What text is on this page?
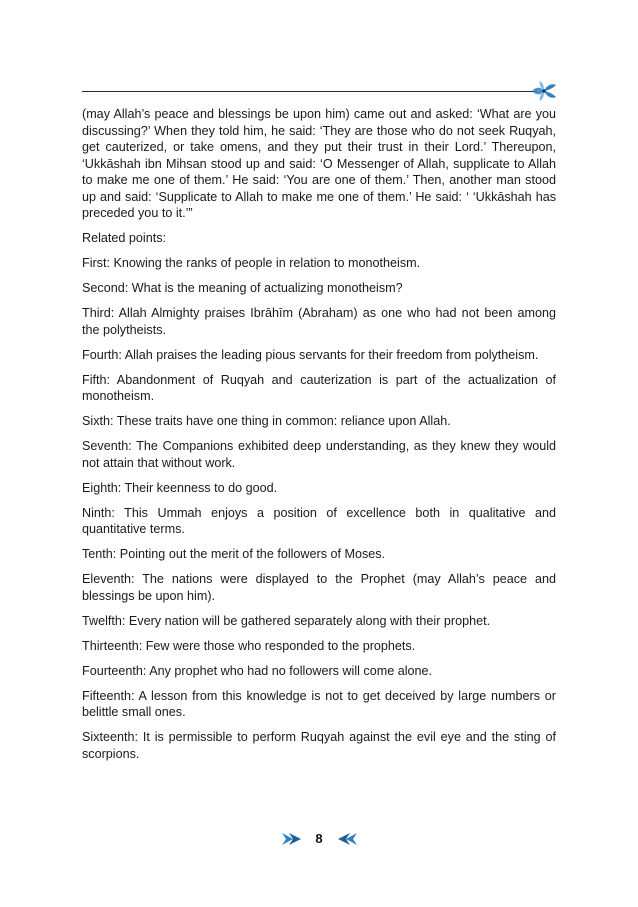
(may Allah’s peace and blessings be upon him) came out and asked: ‘What are you discussing?’ When they told him, he said: ‘They are those who do not seek Ruqyah, get cauterized, or take omens, and they put their trust in their Lord.’ Thereupon, ‘Ukkāshah ibn Mihsan stood up and said: ‘O Messenger of Allah, supplicate to Allah to make me one of them.’ He said: ‘You are one of them.’ Then, another man stood up and said: ‘Supplicate to Allah to make me one of them.’ He said: ‘ ‘Ukkāshah has preceded you to it.’”

Related points:

First: Knowing the ranks of people in relation to monotheism.

Second: What is the meaning of actualizing monotheism?

Third: Allah Almighty praises Ibrāhīm (Abraham) as one who had not been among the polytheists.

Fourth: Allah praises the leading pious servants for their freedom from polytheism.

Fifth: Abandonment of Ruqyah and cauterization is part of the actualization of monotheism.

Sixth: These traits have one thing in common: reliance upon Allah.

Seventh: The Companions exhibited deep understanding, as they knew they would not attain that without work.

Eighth: Their keenness to do good.

Ninth: This Ummah enjoys a position of excellence both in qualitative and quantitative terms.

Tenth: Pointing out the merit of the followers of Moses.

Eleventh: The nations were displayed to the Prophet (may Allah’s peace and blessings be upon him).

Twelfth: Every nation will be gathered separately along with their prophet.

Thirteenth: Few were those who responded to the prophets.

Fourteenth: Any prophet who had no followers will come alone.

Fifteenth: A lesson from this knowledge is not to get deceived by large numbers or belittle small ones.

Sixteenth: It is permissible to perform Ruqyah against the evil eye and the sting of scorpions.

8
